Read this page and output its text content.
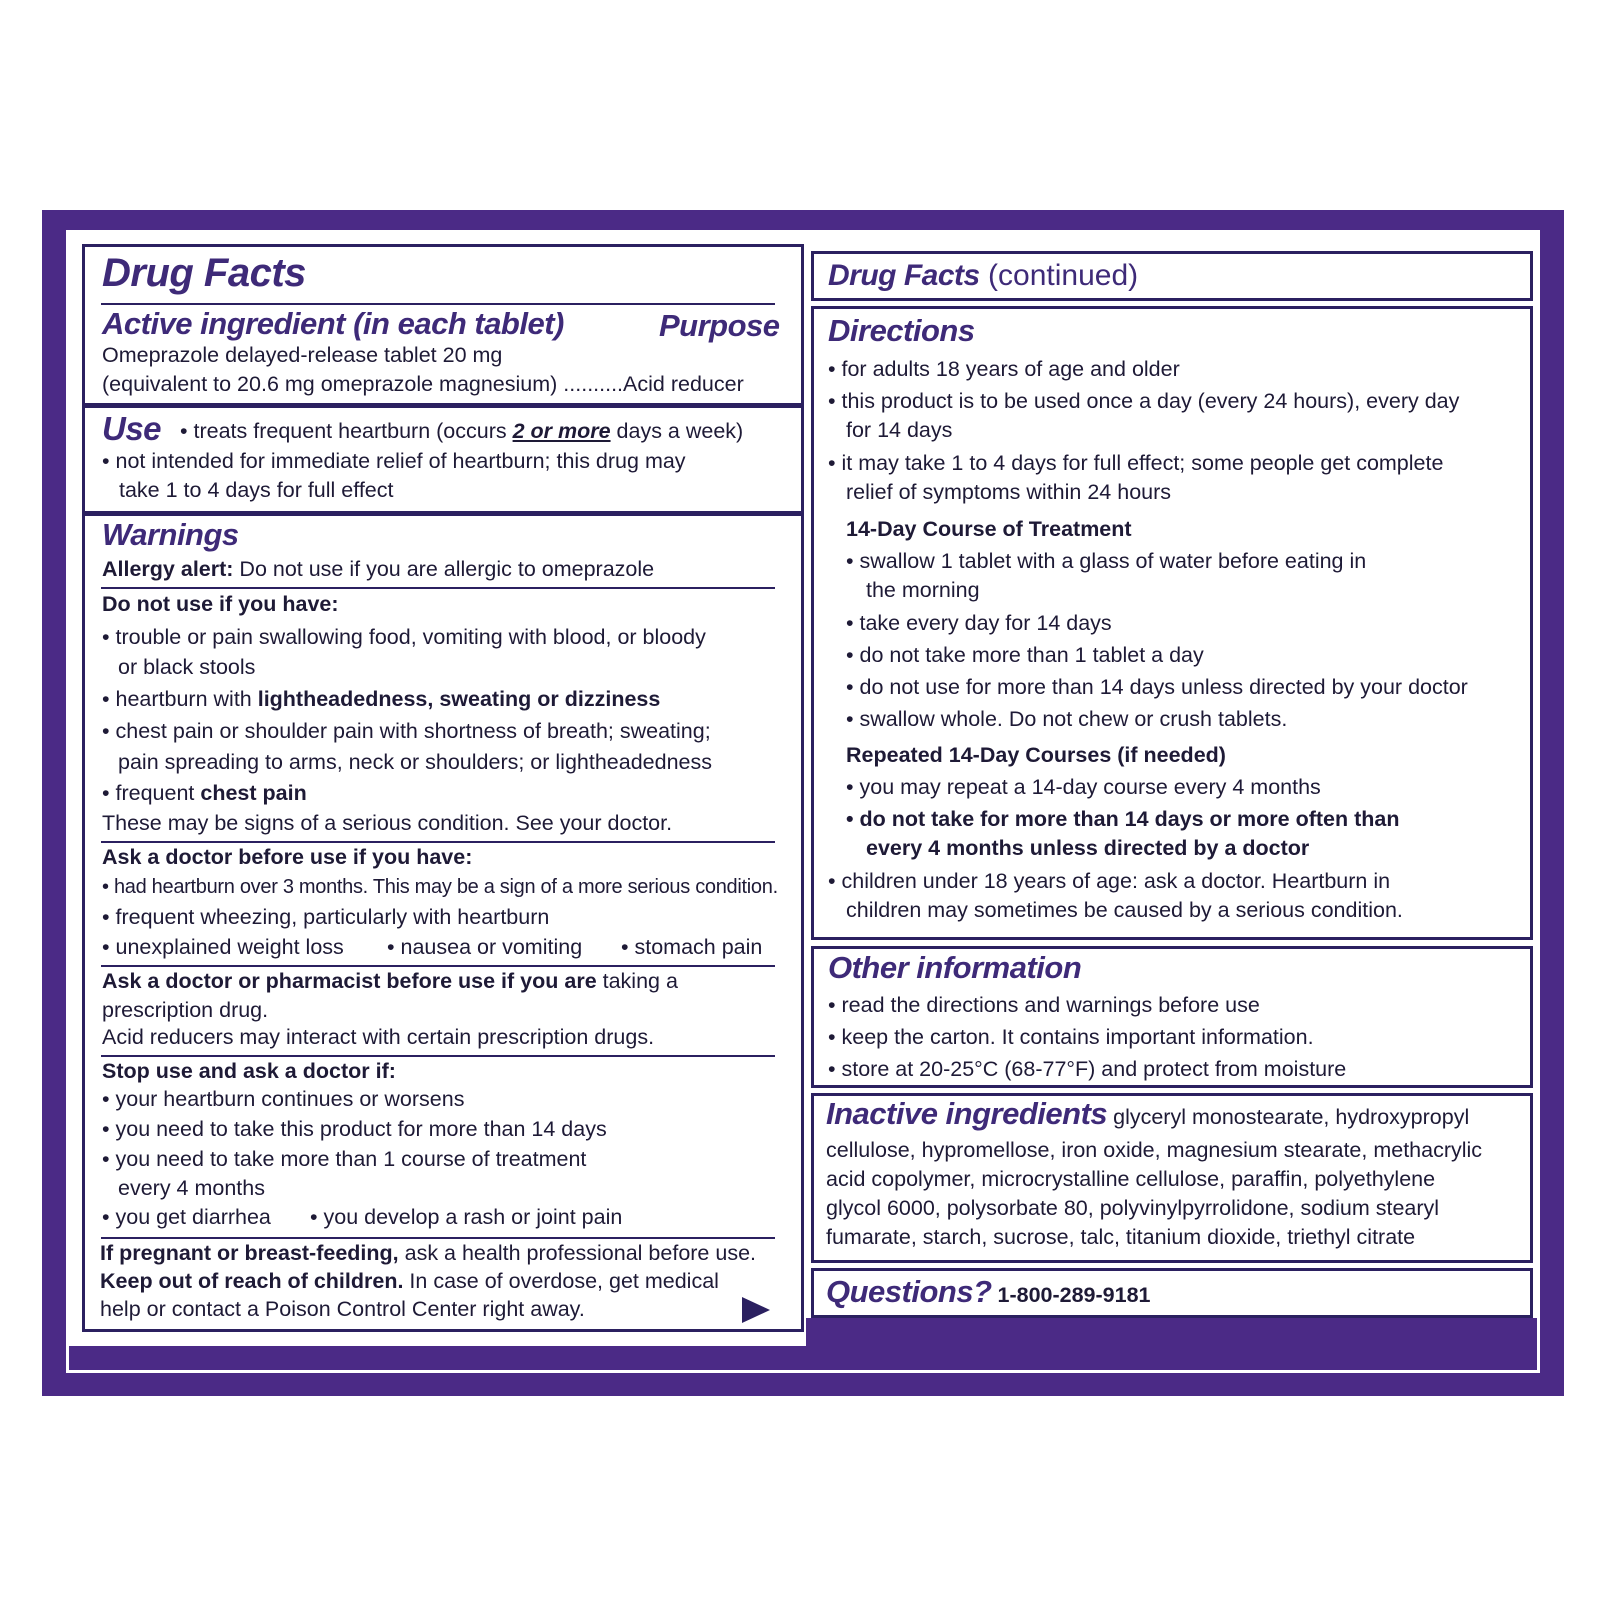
Drug Facts
Active ingredient (in each tablet)	Purpose
Omeprazole delayed-release tablet 20 mg
(equivalent to 20.6 mg omeprazole magnesium) ..........Acid reducer
Use • treats frequent heartburn (occurs 2 or more days a week)
• not intended for immediate relief of heartburn; this drug may
take 1 to 4 days for full effect
Warnings
Allergy alert: Do not use if you are allergic to omeprazole
Do not use if you have:
• trouble or pain swallowing food, vomiting with blood, or bloody
or black stools
• heartburn with lightheadedness, sweating or dizziness
• chest pain or shoulder pain with shortness of breath; sweating;
pain spreading to arms, neck or shoulders; or lightheadedness
• frequent chest pain
These may be signs of a serious condition. See your doctor.
Ask a doctor before use if you have:
• had heartburn over 3 months. This may be a sign of a more serious condition.
• frequent wheezing, particularly with heartburn
• unexplained weight loss • nausea or vomiting • stomach pain
Ask a doctor or pharmacist before use if you are taking a
prescription drug.
Acid reducers may interact with certain prescription drugs.
Stop use and ask a doctor if:
• your heartburn continues or worsens
• you need to take this product for more than 14 days
• you need to take more than 1 course of treatment
every 4 months
• you get diarrhea • you develop a rash or joint pain
If pregnant or breast-feeding, ask a health professional before use.
Keep out of reach of children. In case of overdose, get medical
help or contact a Poison Control Center right away.
Drug Facts (continued)
Directions
• for adults 18 years of age and older
• this product is to be used once a day (every 24 hours), every day
for 14 days
• it may take 1 to 4 days for full effect; some people get complete
relief of symptoms within 24 hours
14-Day Course of Treatment
• swallow 1 tablet with a glass of water before eating in
the morning
• take every day for 14 days
• do not take more than 1 tablet a day
• do not use for more than 14 days unless directed by your doctor
• swallow whole. Do not chew or crush tablets.
Repeated 14-Day Courses (if needed)
• you may repeat a 14-day course every 4 months
• do not take for more than 14 days or more often than
every 4 months unless directed by a doctor
• children under 18 years of age: ask a doctor. Heartburn in
children may sometimes be caused by a serious condition.
Other information
• read the directions and warnings before use
• keep the carton. It contains important information.
• store at 20-25°C (68-77°F) and protect from moisture
Inactive ingredients glyceryl monostearate, hydroxypropyl
cellulose, hypromellose, iron oxide, magnesium stearate, methacrylic
acid copolymer, microcrystalline cellulose, paraffin, polyethylene
glycol 6000, polysorbate 80, polyvinylpyrrolidone, sodium stearyl
fumarate, starch, sucrose, talc, titanium dioxide, triethyl citrate
Questions? 1-800-289-9181
